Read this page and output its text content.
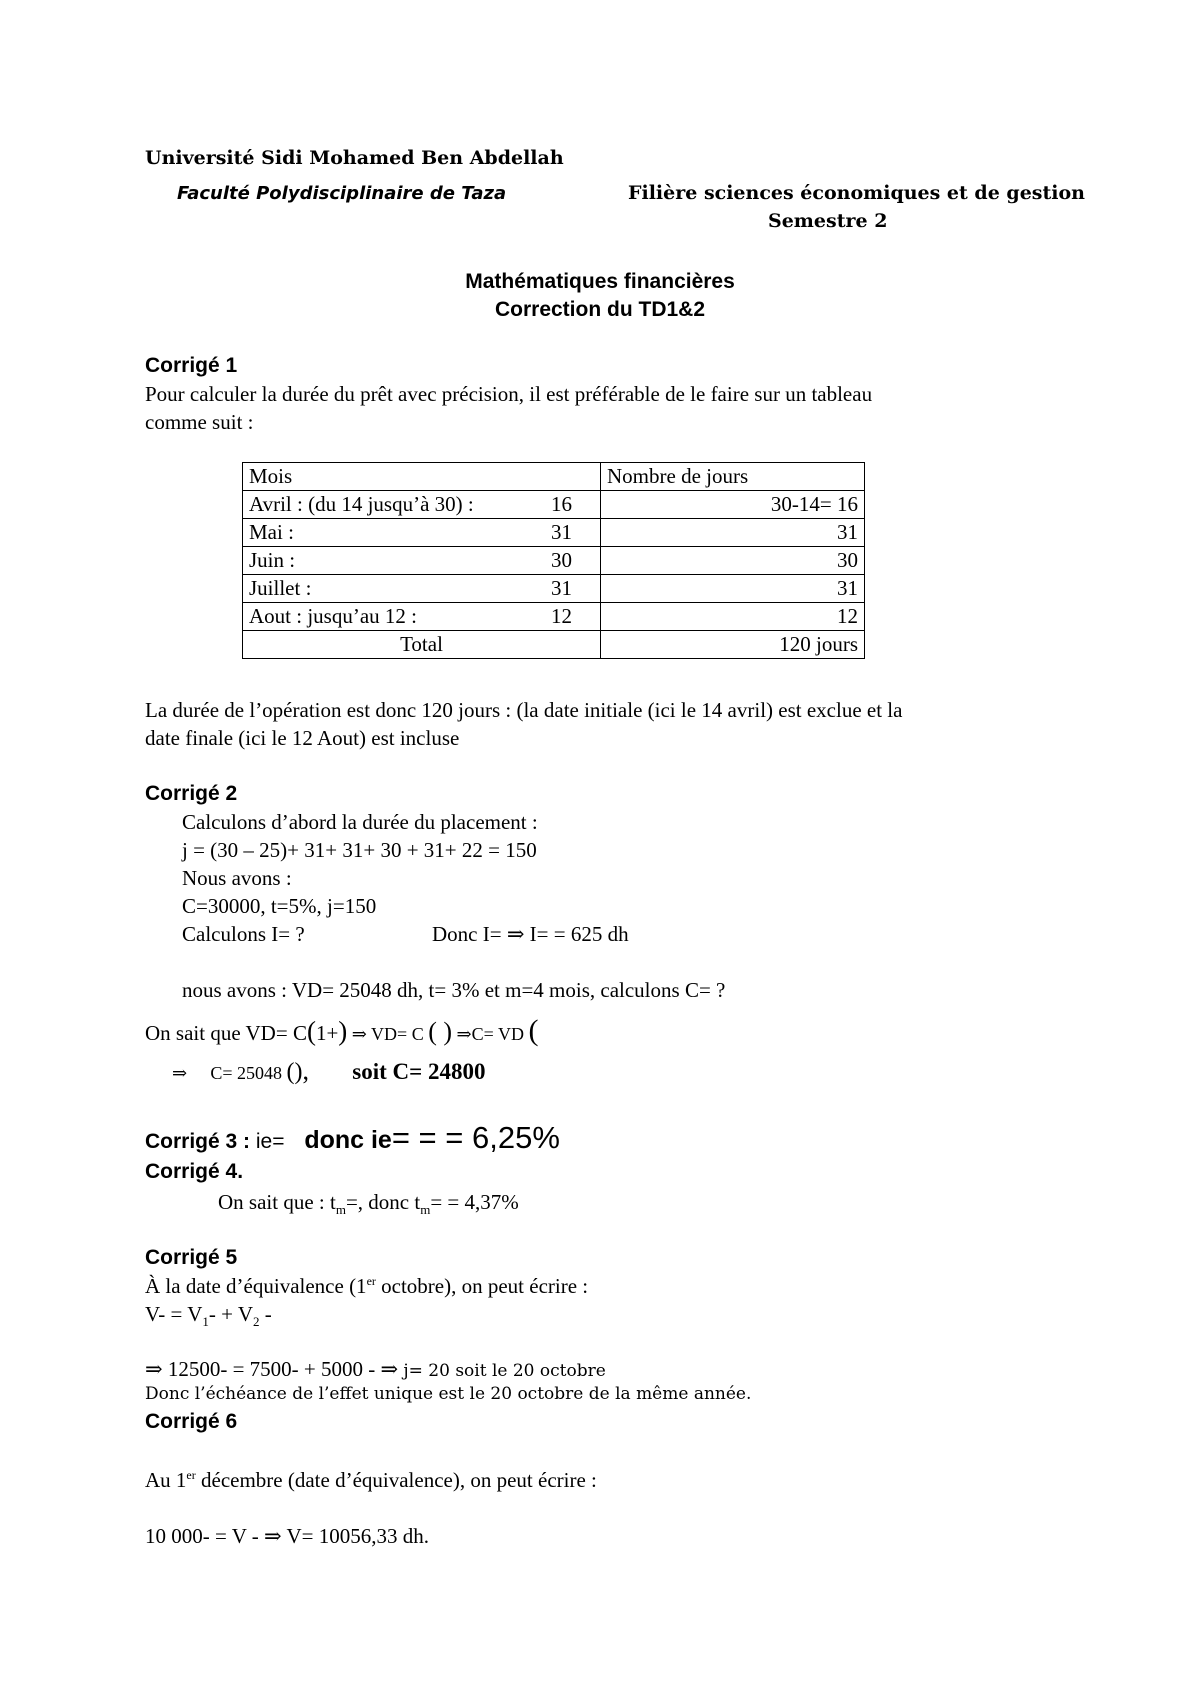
Université Sidi Mohamed Ben Abdellah
Faculté Polydisciplinaire de Taza	Filière sciences économiques et de gestion
Semestre 2
Mathématiques financières
Correction du TD1&2
Corrigé 1
Pour calculer la durée du prêt avec précision, il est préférable de le faire sur un tableau
comme suit :
Mois	Nombre de jours

Avril : (du 14 jusqu’à 30) : 16	30-14= 16

Mai : 31	31

Juin : 30	30

Juillet : 31	31

Aout : jusqu’au 12 : 12	12
Total	120 jours
La durée de l’opération est donc 120 jours : (la date initiale (ici le 14 avril) est exclue et la
date finale (ici le 12 Aout) est incluse
Corrigé 2
Calculons d’abord la durée du placement :
j = (30 – 25)+ 31+ 31+ 30 + 31+ 22 = 150
Nous avons :
C=30000, t=5%, j=150
Calculons I= ?	Donc I= ⇒ I= = 625 dh
nous avons : VD= 25048 dh, t= 3% et m=4 mois, calculons C= ?
On sait que VD= C(1+) ⇒ VD= C ( ) ⇒C= VD (
⇒ C= 25048 (), soit C= 24800
Corrigé 3 : ie= donc ie= = = 6,25%
Corrigé 4.
On sait que : $t_m=$, donc $t_m= = 4,37\%$
Corrigé 5
À la date d’équivalence (1er octobre), on peut écrire :
$V- = V_1- + V_2$ -
⇒ 12500- = 7500- + 5000 - ⇒ j= 20 soit le 20 octobre
Donc l’échéance de l’effet unique est le 20 octobre de la même année.
Corrigé 6
Au 1er décembre (date d’équivalence), on peut écrire :
10 000- = V - ⇒ V= 10056,33 dh.
